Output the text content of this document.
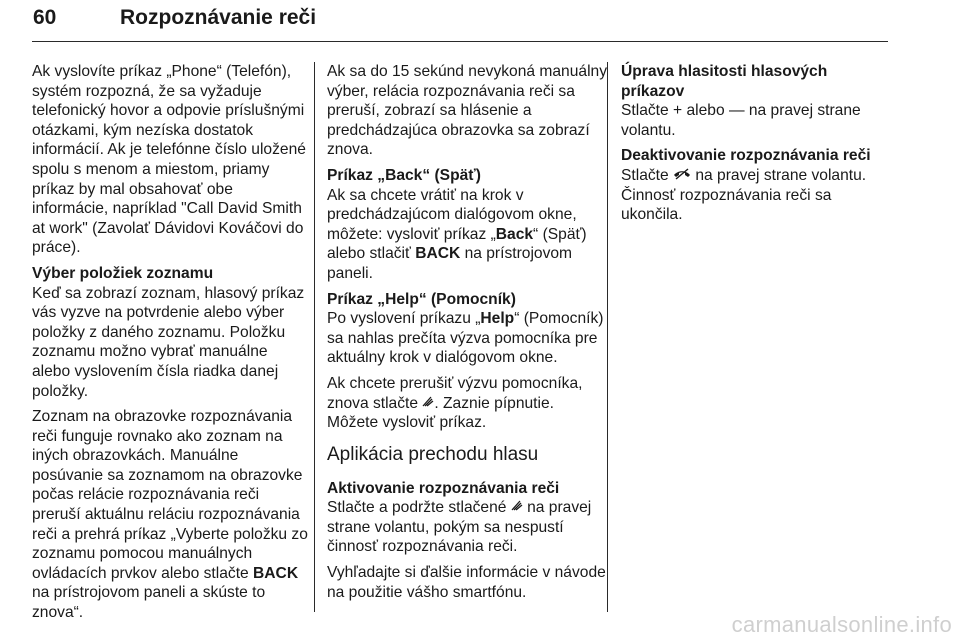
60	Rozpoznávanie reči

Ak vyslovíte príkaz „Phone“ (Telefón), systém rozpozná, že sa vyžaduje telefonický hovor a odpovie príslušnými otázkami, kým nezíska dostatok informácií. Ak je telefónne číslo uložené spolu s menom a miestom, priamy príkaz by mal obsahovať obe informácie, napríklad "Call David Smith at work" (Zavolať Dávidovi Kováčovi do práce).

Výber položiek zoznamu

Keď sa zobrazí zoznam, hlasový príkaz vás vyzve na potvrdenie alebo výber položky z daného zoznamu. Položku zoznamu možno vybrať manuálne alebo vyslovením čísla riadka danej položky.

Zoznam na obrazovke rozpoznávania reči funguje rovnako ako zoznam na iných obrazovkách. Manuálne posúvanie sa zoznamom na obrazovke počas relácie rozpoznávania reči preruší aktuálnu reláciu rozpoznávania reči a prehrá príkaz „Vyberte položku zo zoznamu pomocou manuálnych ovládacích prvkov alebo stlačte BACK na prístrojovom paneli a skúste to znova“.

Ak sa do 15 sekúnd nevykoná manuálny výber, relácia rozpoznávania reči sa preruší, zobrazí sa hlásenie a predchádzajúca obrazovka sa zobrazí znova.

Príkaz „Back“ (Späť)

Ak sa chcete vrátiť na krok v predchádzajúcom dialógovom okne, môžete: vysloviť príkaz „Back“ (Späť) alebo stlačiť BACK na prístrojovom paneli.

Príkaz „Help“ (Pomocník)

Po vyslovení príkazu „Help“ (Pomocník) sa nahlas prečíta výzva pomocníka pre aktuálny krok v dialógovom okne.

Ak chcete prerušiť výzvu pomocníka, znova stlačte . Zaznie pípnutie. Môžete vysloviť príkaz.

Aplikácia prechodu hlasu

Aktivovanie rozpoznávania reči

Stlačte a podržte stlačené  na pravej strane volantu, pokým sa nespustí činnosť rozpoznávania reči.

Vyhľadajte si ďalšie informácie v návode na použitie vášho smartfónu.

Úprava hlasitosti hlasových príkazov

Stlačte + alebo — na pravej strane volantu.

Deaktivovanie rozpoznávania reči

Stlačte  na pravej strane volantu. Činnosť rozpoznávania reči sa ukončila.

carmanualsonline.info
